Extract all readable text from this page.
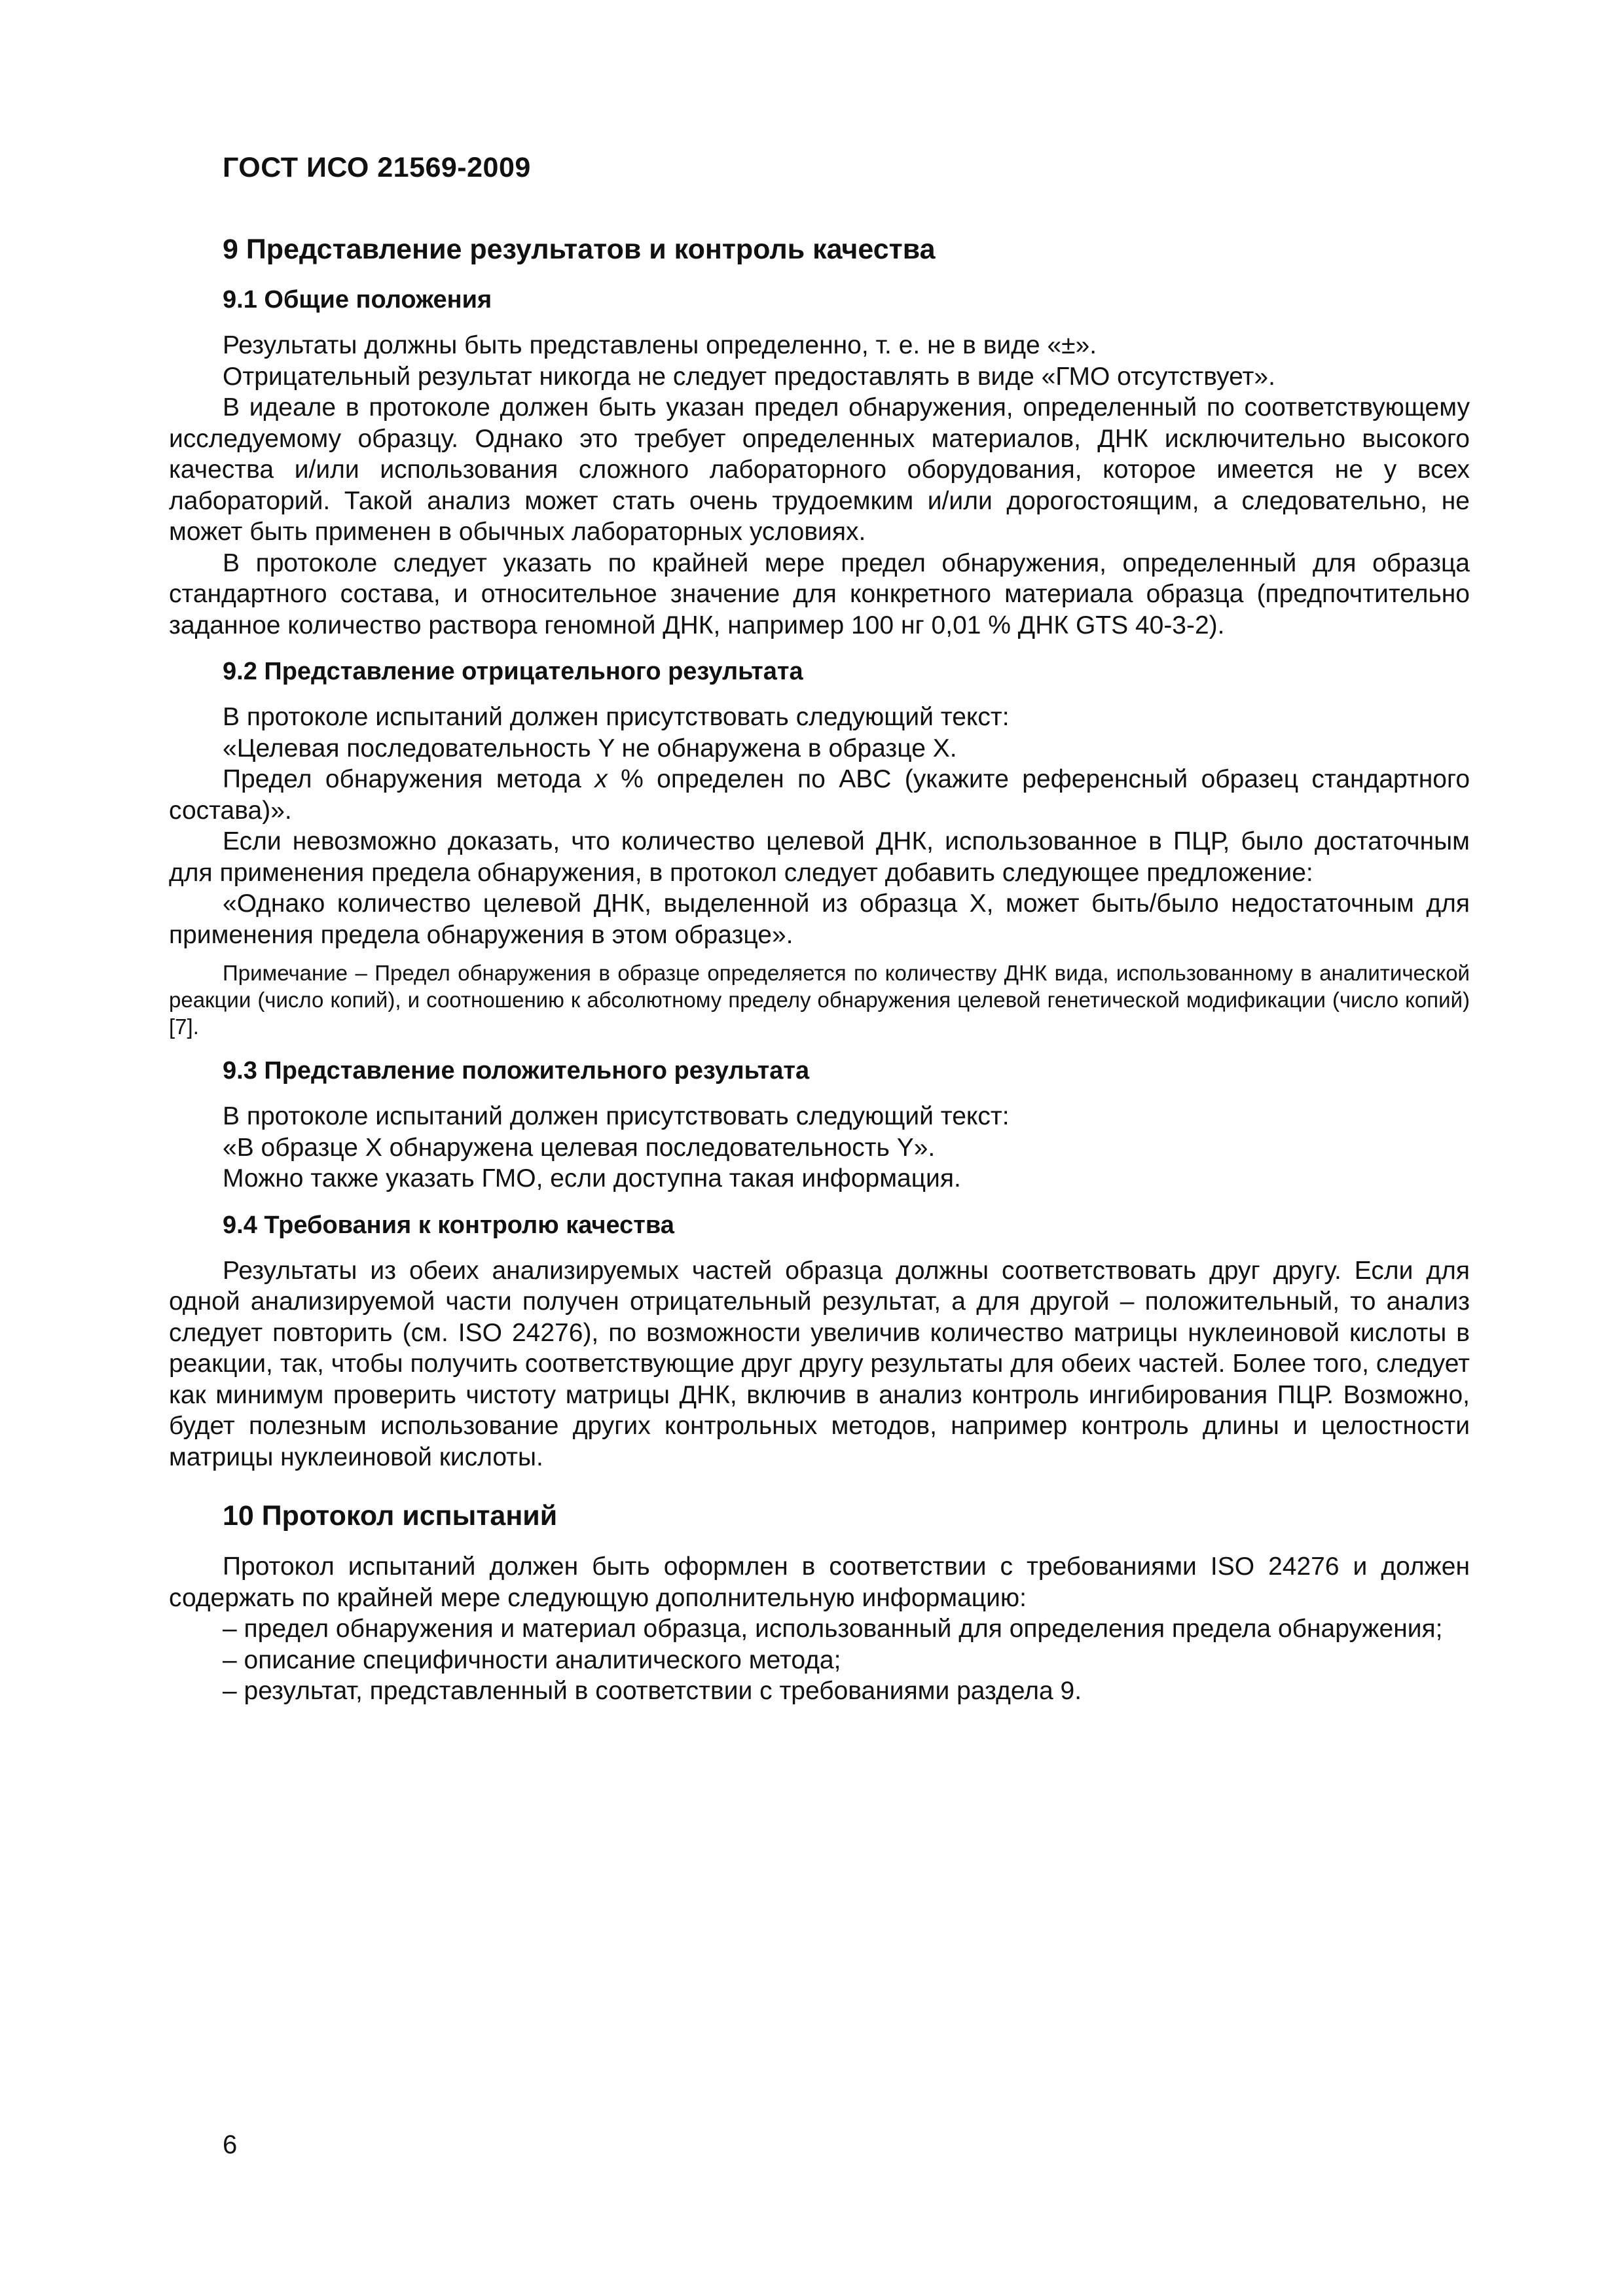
ГОСТ ИСО 21569-2009

9 Представление результатов и контроль качества
9.1 Общие положения

Результаты должны быть представлены определенно, т. е. не в виде «±».

Отрицательный результат никогда не следует предоставлять в виде «ГМО отсутствует».

В идеале в протоколе должен быть указан предел обнаружения, определенный по соответствующему исследуемому образцу. Однако это требует определенных материалов, ДНК исключительно высокого качества и/или использования сложного лабораторного оборудования, которое имеется не у всех лабораторий. Такой анализ может стать очень трудоемким и/или дорогостоящим, а следовательно, не может быть применен в обычных лабораторных условиях.

В протоколе следует указать по крайней мере предел обнаружения, определенный для образца стандартного состава, и относительное значение для конкретного материала образца (предпочтительно заданное количество раствора геномной ДНК, например 100 нг 0,01 % ДНК GTS 40-3-2).

9.2 Представление отрицательного результата

В протоколе испытаний должен присутствовать следующий текст:

«Целевая последовательность Y не обнаружена в образце X.

Предел обнаружения метода x % определен по ABC (укажите референсный образец стандартного состава)».

Если невозможно доказать, что количество целевой ДНК, использованное в ПЦР, было достаточным для применения предела обнаружения, в протокол следует добавить следующее предложение:

«Однако количество целевой ДНК, выделенной из образца X, может быть/было недостаточным для применения предела обнаружения в этом образце».

Примечание – Предел обнаружения в образце определяется по количеству ДНК вида, использованному в аналитической реакции (число копий), и соотношению к абсолютному пределу обнаружения целевой генетической модификации (число копий) [7].

9.3 Представление положительного результата

В протоколе испытаний должен присутствовать следующий текст:

«В образце X обнаружена целевая последовательность Y».

Можно также указать ГМО, если доступна такая информация.

9.4 Требования к контролю качества

Результаты из обеих анализируемых частей образца должны соответствовать друг другу. Если для одной анализируемой части получен отрицательный результат, а для другой – положительный, то анализ следует повторить (см. ISO 24276), по возможности увеличив количество матрицы нуклеиновой кислоты в реакции, так, чтобы получить соответствующие друг другу результаты для обеих частей. Более того, следует как минимум проверить чистоту матрицы ДНК, включив в анализ контроль ингибирования ПЦР. Возможно, будет полезным использование других контрольных методов, например контроль длины и целостности матрицы нуклеиновой кислоты.

10 Протокол испытаний

Протокол испытаний должен быть оформлен в соответствии с требованиями ISO 24276 и должен содержать по крайней мере следующую дополнительную информацию:

– предел обнаружения и материал образца, использованный для определения предела обнаружения;

– описание специфичности аналитического метода;

– результат, представленный в соответствии с требованиями раздела 9.

6
